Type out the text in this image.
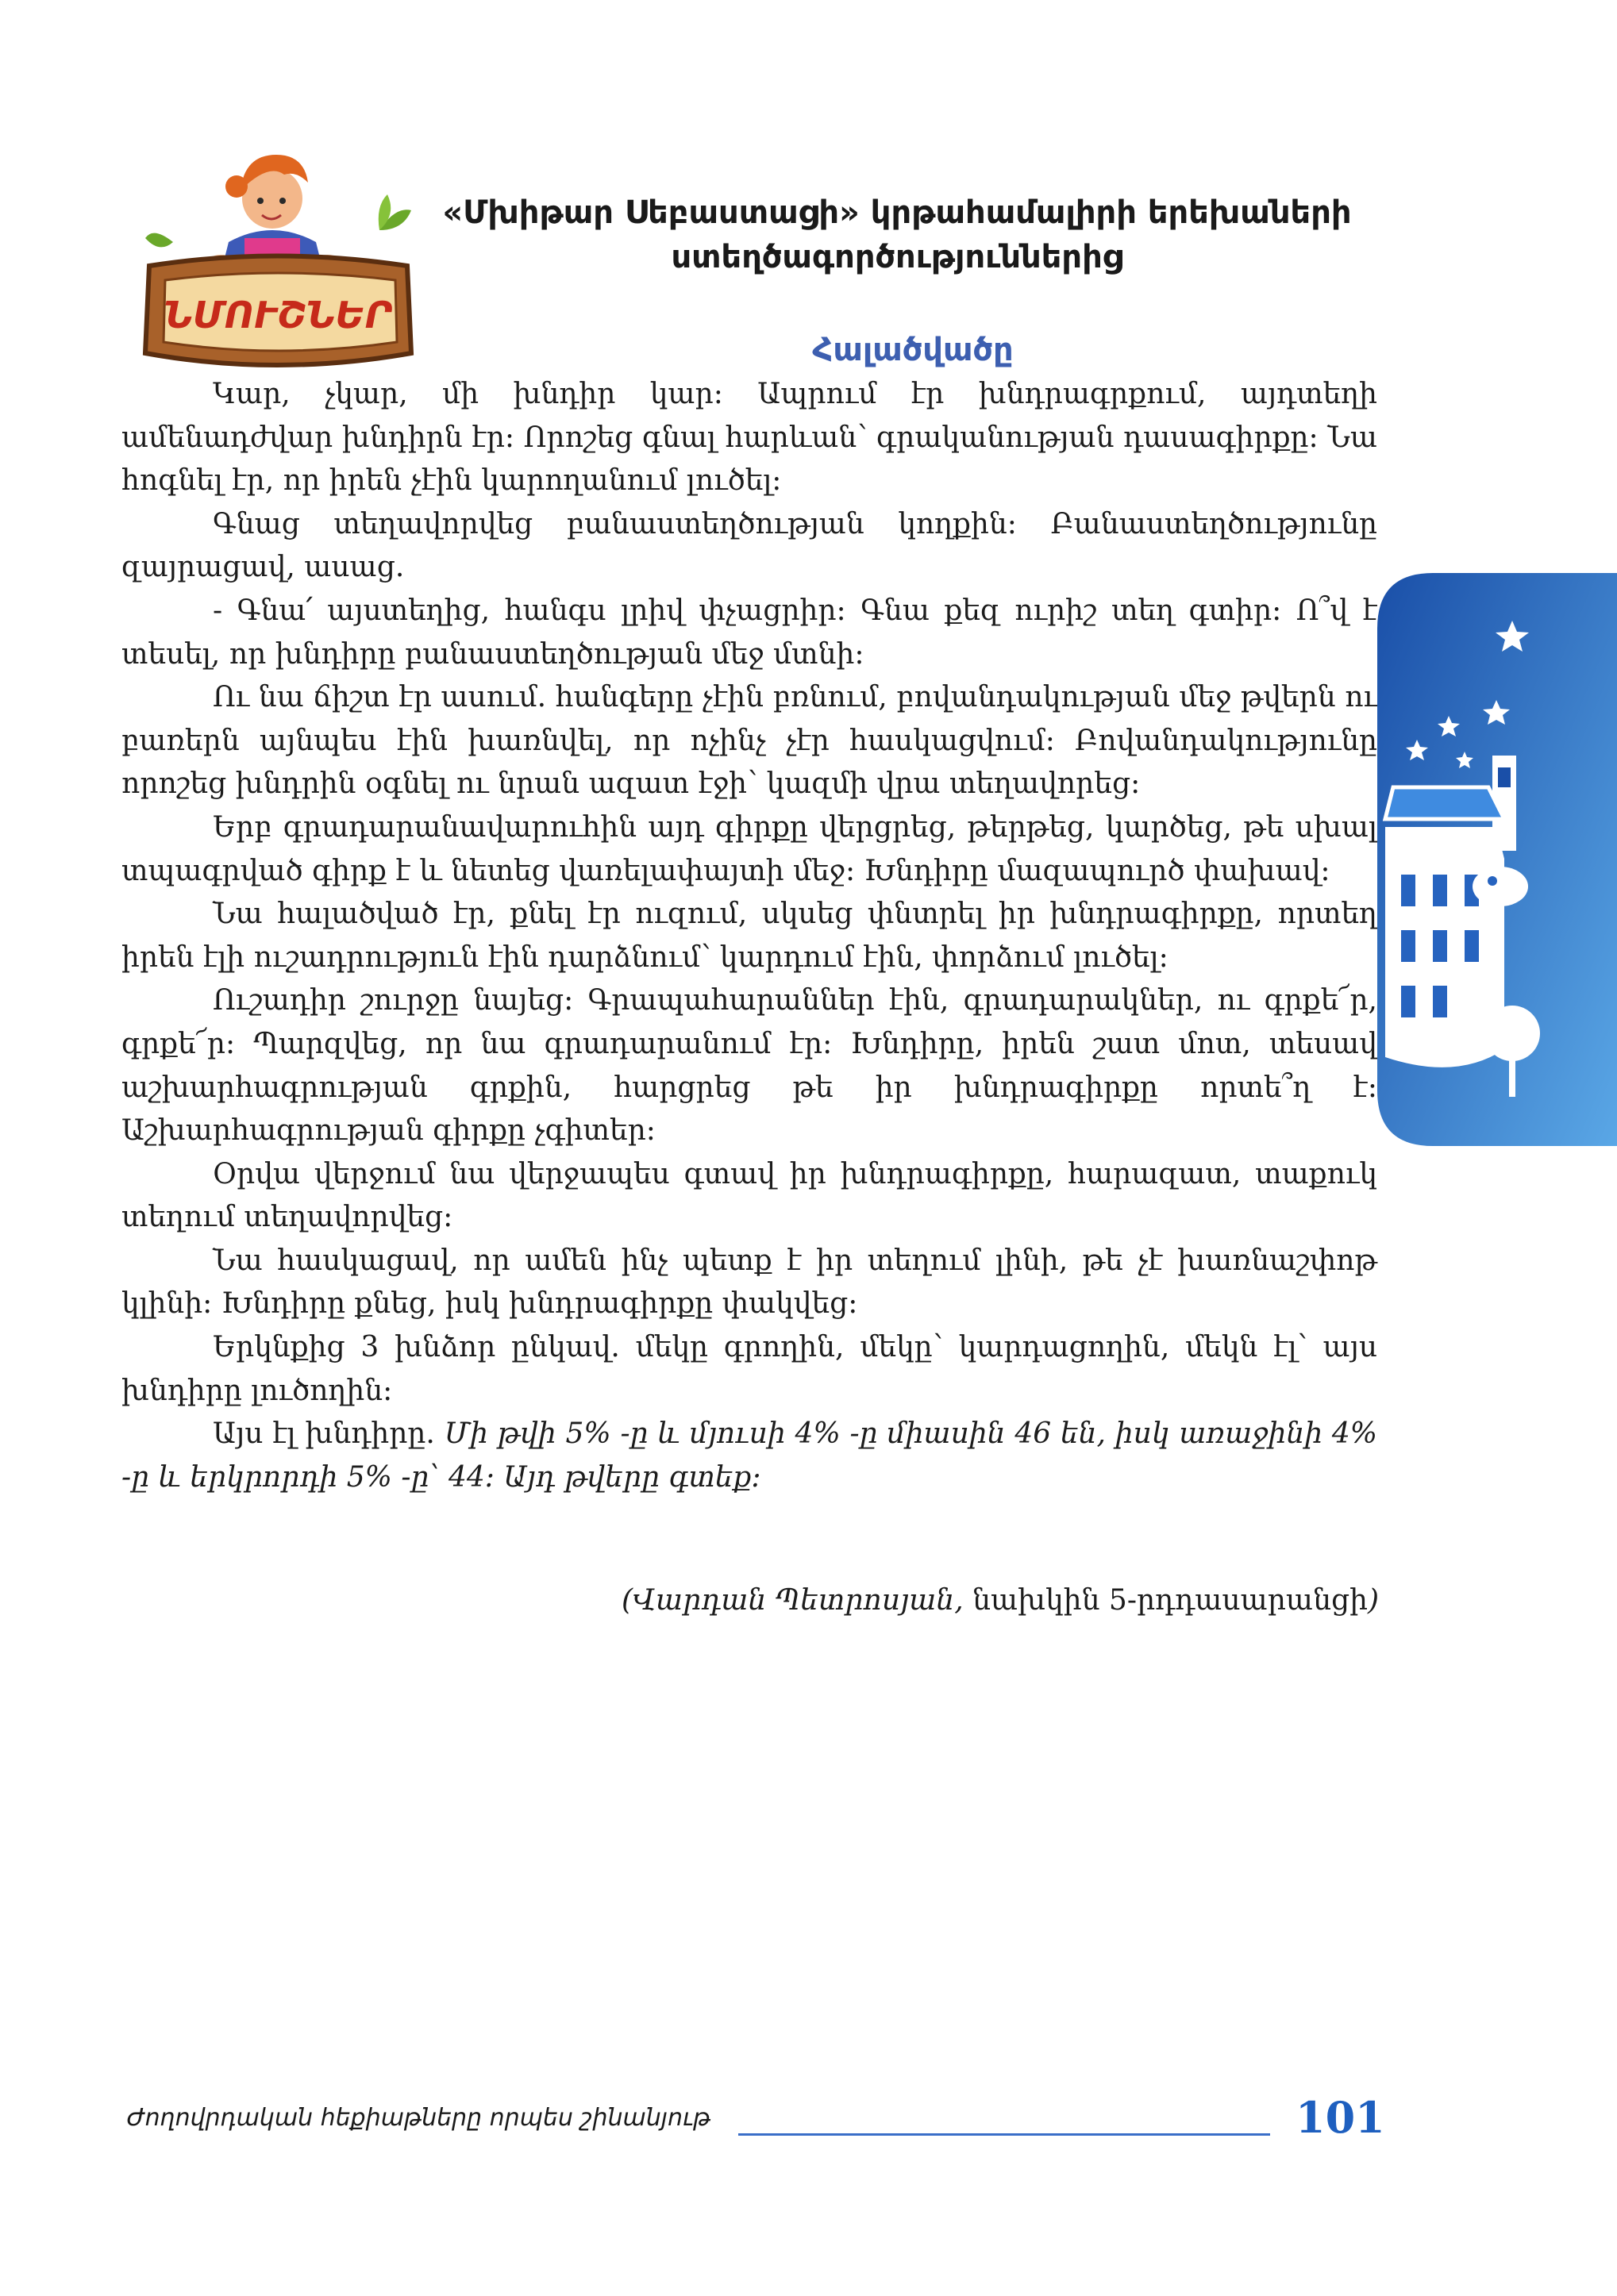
ՆՄՈՒՇՆԵՐ
«Մխիթար Սեբաստացի» կրթահամալիրի երեխաների
ստեղծագործություններից
Հալածվածը

Կար, չկար, մի խնդիր կար: Ապրում էր խնդրագրքում, այդտեղի ամենադժվար խնդիրն էր: Որոշեց գնալ հարևան՝ գրականության դասագիրքը: Նա հոգնել էր, որ իրեն չէին կարողանում լուծել:

Գնաց տեղավորվեց բանաստեղծության կողքին: Բանաստեղծությունը զայրացավ, ասաց.

- Գնա՛ այստեղից, հանգս լրիվ փչացրիր: Գնա քեզ ուրիշ տեղ գտիր: Ո՞վ է տեսել, որ խնդիրը բանաստեղծության մեջ մտնի:

Ու նա ճիշտ էր ասում. հանգերը չէին բռնում, բովանդակության մեջ թվերն ու բառերն այնպես էին խառնվել, որ ոչինչ չէր հասկացվում: Բովանդակությունը որոշեց խնդրին օգնել ու նրան ազատ էջի՝ կազմի վրա տեղավորեց:

Երբ գրադարանավարուհին այդ գիրքը վերցրեց, թերթեց, կարծեց, թե սխալ տպագրված գիրք է և նետեց վառելափայտի մեջ: Խնդիրը մազապուրծ փախավ:

Նա հալածված էր, քնել էր ուզում, սկսեց փնտրել իր խնդրագիրքը, որտեղ իրեն էլի ուշադրություն էին դարձնում՝ կարդում էին, փորձում լուծել:

Ուշադիր շուրջը նայեց: Գրապահարաններ էին, գրադարակներ, ու գրքե՜ր, գրքե՜ր: Պարզվեց, որ նա գրադարանում էր: Խնդիրը, իրեն շատ մոտ, տեսավ աշխարհագրության գրքին, հարցրեց թե իր խնդրագիրքը որտե՞ղ է: Աշխարհագրության գիրքը չգիտեր:

Օրվա վերջում նա վերջապես գտավ իր խնդրագիրքը, հարազատ, տաքուկ տեղում տեղավորվեց:

Նա հասկացավ, որ ամեն ինչ պետք է իր տեղում լինի, թե չէ խառնաշփոթ կլինի: Խնդիրը քնեց, իսկ խնդրագիրքը փակվեց:

Երկնքից 3 խնձոր ընկավ. մեկը գրողին, մեկը՝ կարդացողին, մեկն էլ՝ այս խնդիրը լուծողին:

Այս էլ խնդիրը. Մի թվի 5% -ը և մյուսի 4% -ը միասին 46 են, իսկ առաջինի 4% -ը և երկրորդի 5% -ը՝ 44: Այդ թվերը գտեք:

(Վարդան Պետրոսյան, նախկին 5-րդդասարանցի)
Ժողովրդական հեքիաթները որպես շինանյութ	101
